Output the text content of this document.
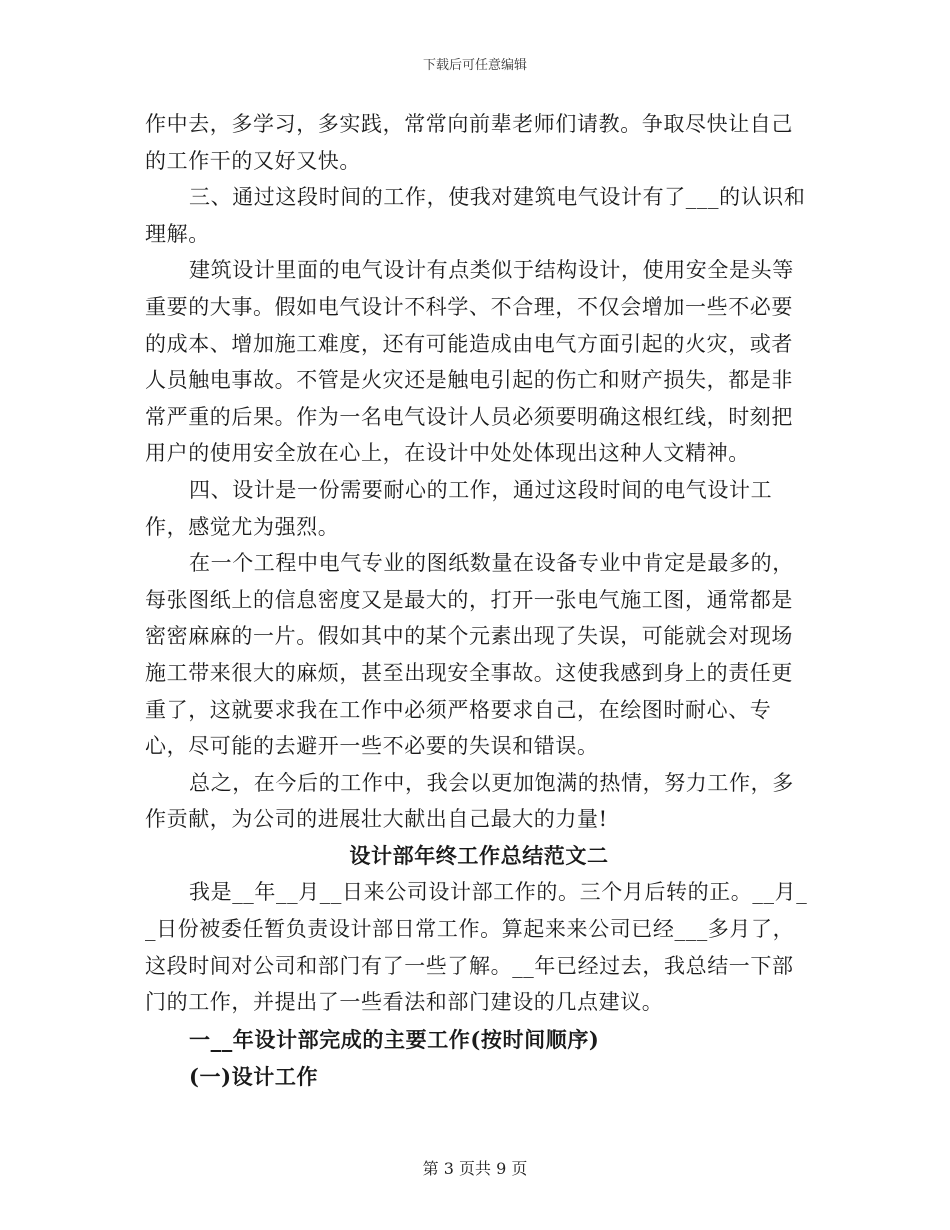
下载后可任意编辑

作中去，多学习，多实践，常常向前辈老师们请教。争取尽快让自己的工作干的又好又快。

三、通过这段时间的工作，使我对建筑电气设计有了___的认识和理解。

建筑设计里面的电气设计有点类似于结构设计，使用安全是头等重要的大事。假如电气设计不科学、不合理，不仅会增加一些不必要的成本、增加施工难度，还有可能造成由电气方面引起的火灾，或者人员触电事故。不管是火灾还是触电引起的伤亡和财产损失，都是非常严重的后果。作为一名电气设计人员必须要明确这根红线，时刻把用户的使用安全放在心上，在设计中处处体现出这种人文精神。

四、设计是一份需要耐心的工作，通过这段时间的电气设计工作，感觉尤为强烈。

在一个工程中电气专业的图纸数量在设备专业中肯定是最多的，每张图纸上的信息密度又是最大的，打开一张电气施工图，通常都是密密麻麻的一片。假如其中的某个元素出现了失误，可能就会对现场施工带来很大的麻烦，甚至出现安全事故。这使我感到身上的责任更重了，这就要求我在工作中必须严格要求自己，在绘图时耐心、专心，尽可能的去避开一些不必要的失误和错误。

总之，在今后的工作中，我会以更加饱满的热情，努力工作，多作贡献，为公司的进展壮大献出自己最大的力量!

设计部年终工作总结范文二

我是__年__月__日来公司设计部工作的。三个月后转的正。__月__日份被委任暂负责设计部日常工作。算起来来公司已经___多月了，这段时间对公司和部门有了一些了解。__年已经过去，我总结一下部门的工作，并提出了一些看法和部门建设的几点建议。

一__年设计部完成的主要工作(按时间顺序)

(一)设计工作

第 3 页共 9 页
